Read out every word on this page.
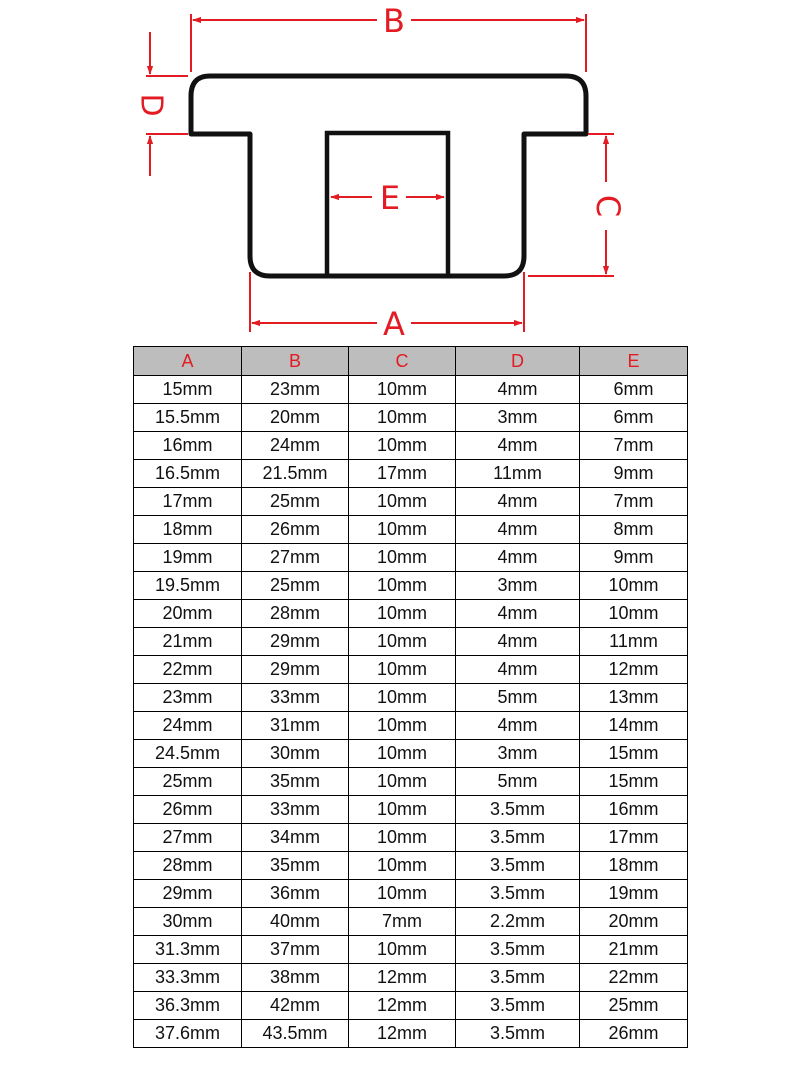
B
D
C
E
A
A	B	C	D	E
15mm	23mm	10mm	4mm	6mm
15.5mm	20mm	10mm	3mm	6mm
16mm	24mm	10mm	4mm	7mm
16.5mm	21.5mm	17mm	11mm	9mm
17mm	25mm	10mm	4mm	7mm
18mm	26mm	10mm	4mm	8mm
19mm	27mm	10mm	4mm	9mm
19.5mm	25mm	10mm	3mm	10mm
20mm	28mm	10mm	4mm	10mm
21mm	29mm	10mm	4mm	11mm
22mm	29mm	10mm	4mm	12mm
23mm	33mm	10mm	5mm	13mm
24mm	31mm	10mm	4mm	14mm
24.5mm	30mm	10mm	3mm	15mm
25mm	35mm	10mm	5mm	15mm
26mm	33mm	10mm	3.5mm	16mm
27mm	34mm	10mm	3.5mm	17mm
28mm	35mm	10mm	3.5mm	18mm
29mm	36mm	10mm	3.5mm	19mm
30mm	40mm	7mm	2.2mm	20mm
31.3mm	37mm	10mm	3.5mm	21mm
33.3mm	38mm	12mm	3.5mm	22mm
36.3mm	42mm	12mm	3.5mm	25mm
37.6mm	43.5mm	12mm	3.5mm	26mm
